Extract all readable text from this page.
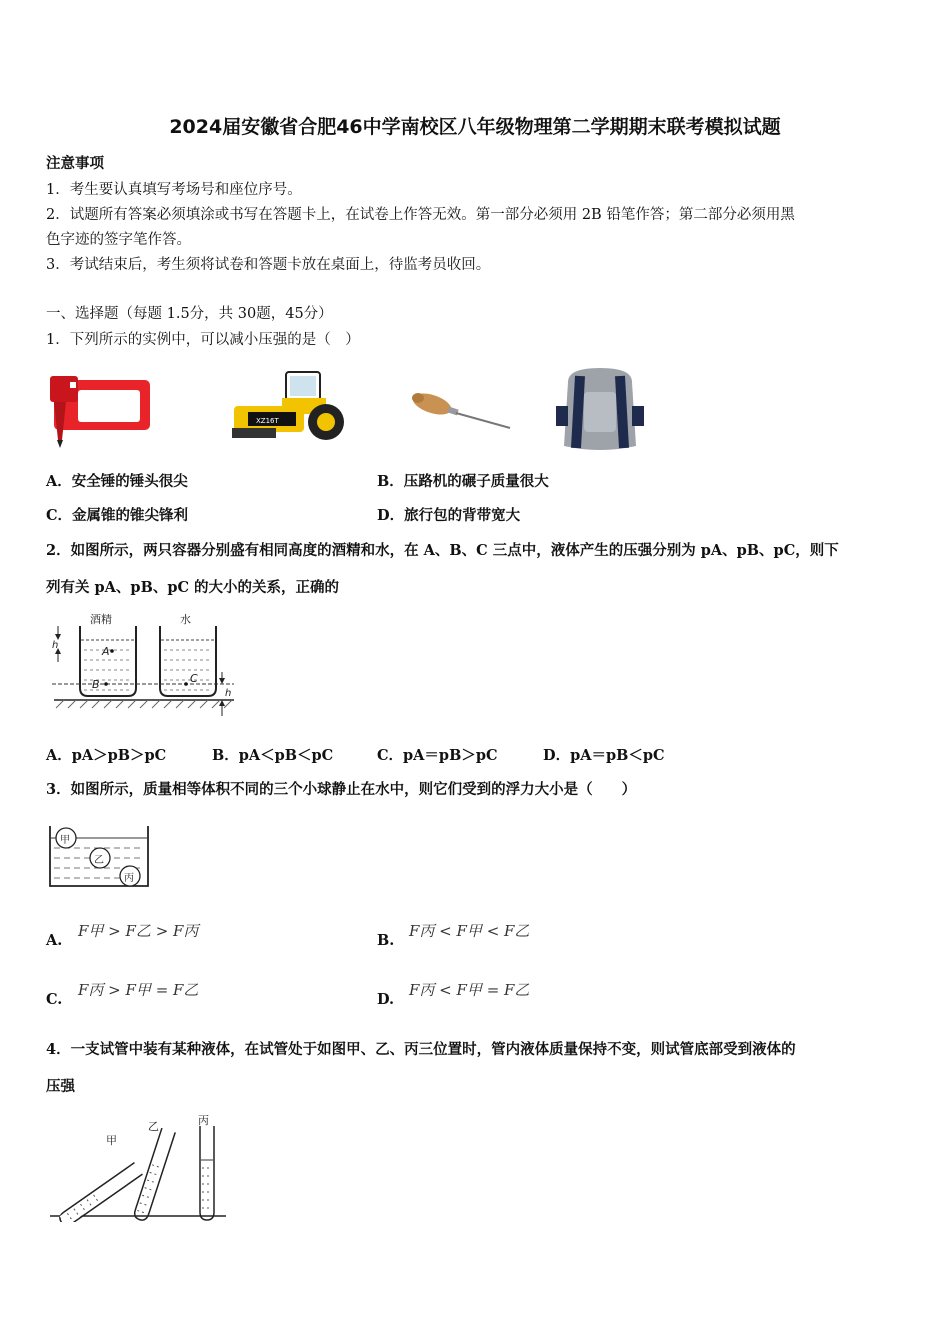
2024届安徽省合肥46中学南校区八年级物理第二学期期末联考模拟试题
注意事项
1．考生要认真填写考场号和座位序号。
2．试题所有答案必须填涂或书写在答题卡上，在试卷上作答无效。第一部分必须用 2B 铅笔作答；第二部分必须用黑
色字迹的签字笔作答。
3．考试结束后，考生须将试卷和答题卡放在桌面上，待监考员收回。
一、选择题（每题 1.5分，共 30题，45分）
1．下列所示的实例中，可以减小压强的是（　）
XZ16T
A．安全锤的锤头很尖	B．压路机的碾子质量很大
C．金属锥的锥尖锋利	D．旅行包的背带宽大
2．如图所示，两只容器分别盛有相同高度的酒精和水，在 A、B、C 三点中，液体产生的压强分别为 pA、pB、pC，则下
列有关 pA、pB、pC 的大小的关系，正确的
酒精	水
A
B	C
h
h
A．pA＞pB＞pC	B．pA＜pB＜pC	C．pA＝pB＞pC	D．pA＝pB＜pC
3．如图所示，质量相等体积不同的三个小球静止在水中，则它们受到的浮力大小是（　　）
甲
乙
丙
A.
F甲 > F乙 > F丙
B.
F丙 < F甲 < F乙
C.
F丙 > F甲 = F乙
D.
F丙 < F甲 = F乙
4．一支试管中装有某种液体，在试管处于如图甲、乙、丙三位置时，管内液体质量保持不变，则试管底部受到液体的
压强
甲
乙	丙
